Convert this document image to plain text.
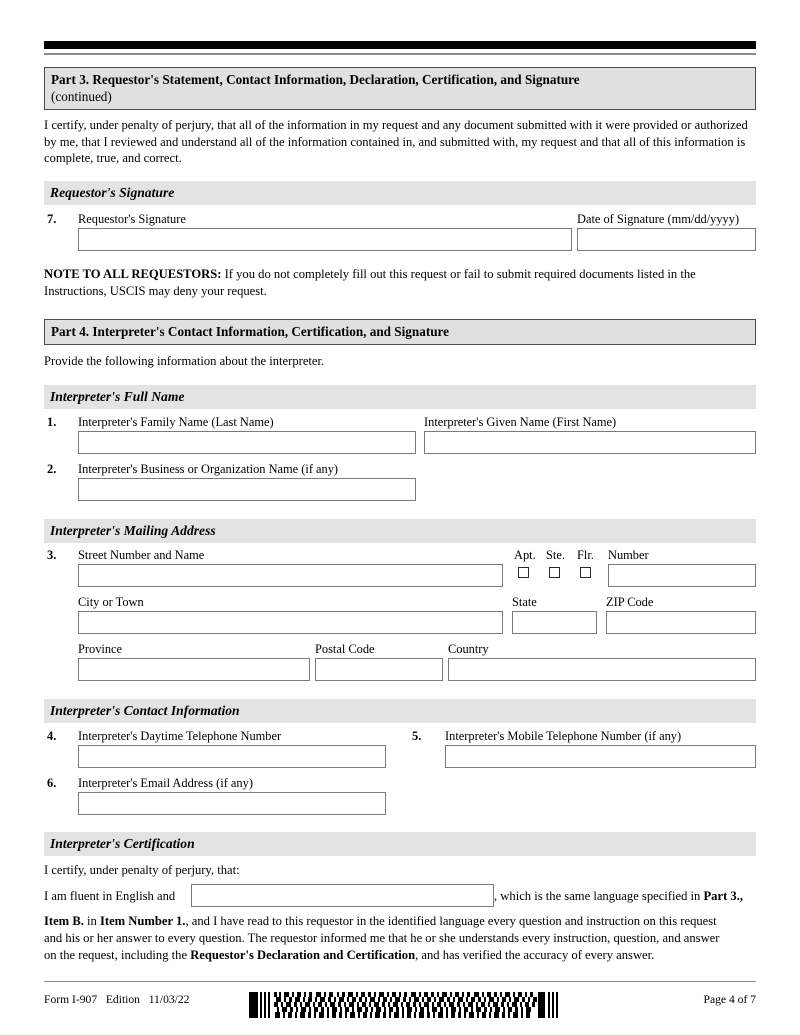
Part 3. Requestor's Statement, Contact Information, Declaration, Certification, and Signature
(continued)
I certify, under penalty of perjury, that all of the information in my request and any document submitted with it were provided or authorized by me, that I reviewed and understand all of the information contained in, and submitted with, my request and that all of this information is complete, true, and correct.
Requestor's Signature
7. Requestor's Signature	Date of Signature (mm/dd/yyyy)
NOTE TO ALL REQUESTORS: If you do not completely fill out this request or fail to submit required documents listed in the Instructions, USCIS may deny your request.
Part 4. Interpreter's Contact Information, Certification, and Signature
Provide the following information about the interpreter.
Interpreter's Full Name
1. Interpreter's Family Name (Last Name)	Interpreter's Given Name (First Name)
2. Interpreter's Business or Organization Name (if any)
Interpreter's Mailing Address
3. Street Number and Name	Apt. Ste. Flr. Number
City or Town	State	ZIP Code
Province	Postal Code	Country
Interpreter's Contact Information
4. Interpreter's Daytime Telephone Number	5. Interpreter's Mobile Telephone Number (if any)
6. Interpreter's Email Address (if any)
Interpreter's Certification
I certify, under penalty of perjury, that:
I am fluent in English and	, which is the same language specified in Part 3.,
Item B. in Item Number 1., and I have read to this requestor in the identified language every question and instruction on this request
and his or her answer to every question. The requestor informed me that he or she understands every instruction, question, and answer
on the request, including the Requestor's Declaration and Certification, and has verified the accuracy of every answer.
Form I-907 Edition 11/03/22	Page 4 of 7
